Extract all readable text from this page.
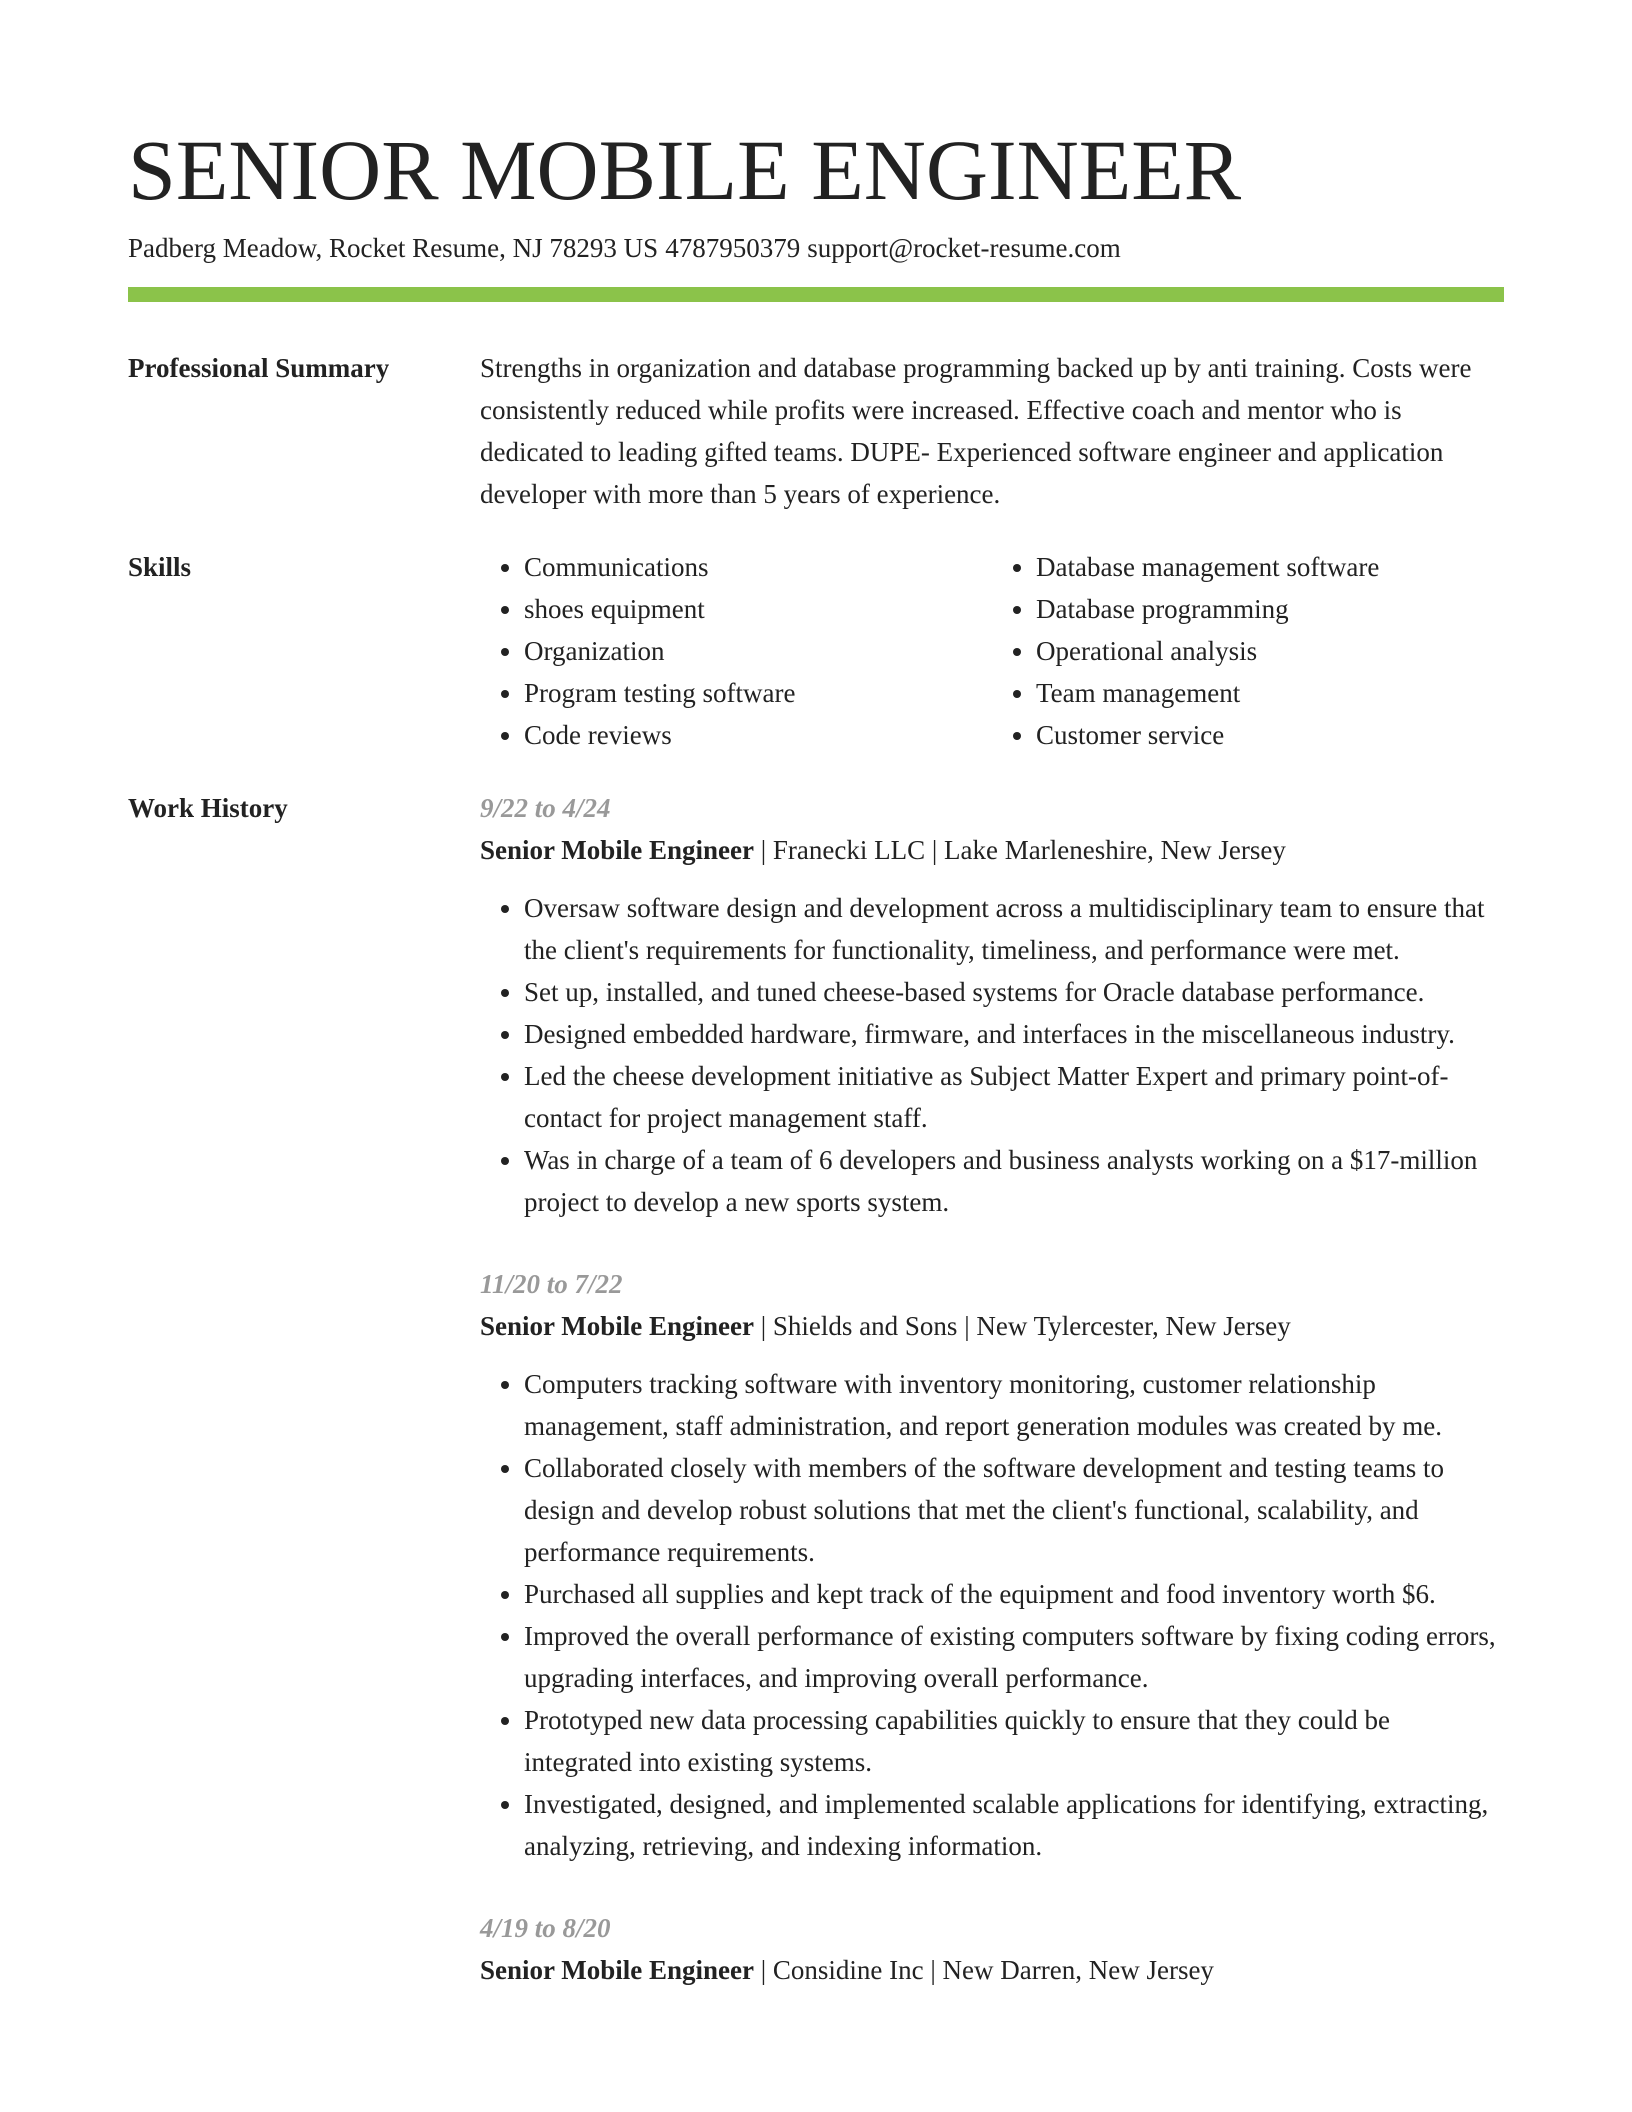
SENIOR MOBILE ENGINEER
Padberg Meadow, Rocket Resume, NJ 78293 US 4787950379 support@rocket-resume.com
Professional Summary	Strengths in organization and database programming backed up by anti training. Costs were consistently reduced while profits were increased. Effective coach and mentor who is dedicated to leading gifted teams. DUPE- Experienced software engineer and application developer with more than 5 years of experience.

Skills
•	Communications
• shoes equipment
• Organization
• Program testing software
• Code reviews
• Database management software
• Database programming
• Operational analysis
• Team management
• Customer service
Work History	9/22 to 4/24

Senior Mobile Engineer | Franecki LLC | Lake Marleneshire, New Jersey

• Oversaw software design and development across a multidisciplinary team to ensure that the client's requirements for functionality, timeliness, and performance were met.
• Set up, installed, and tuned cheese-based systems for Oracle database performance.
• Designed embedded hardware, firmware, and interfaces in the miscellaneous industry.
• Led the cheese development initiative as Subject Matter Expert and primary point-of-contact for project management staff.
• Was in charge of a team of 6 developers and business analysts working on a $17-million project to develop a new sports system.

11/20 to 7/22

Senior Mobile Engineer | Shields and Sons | New Tylercester, New Jersey

• Computers tracking software with inventory monitoring, customer relationship management, staff administration, and report generation modules was created by me.
• Collaborated closely with members of the software development and testing teams to design and develop robust solutions that met the client's functional, scalability, and performance requirements.
• Purchased all supplies and kept track of the equipment and food inventory worth $6.
• Improved the overall performance of existing computers software by fixing coding errors, upgrading interfaces, and improving overall performance.
• Prototyped new data processing capabilities quickly to ensure that they could be integrated into existing systems.
• Investigated, designed, and implemented scalable applications for identifying, extracting, analyzing, retrieving, and indexing information.

4/19 to 8/20

Senior Mobile Engineer | Considine Inc | New Darren, New Jersey
